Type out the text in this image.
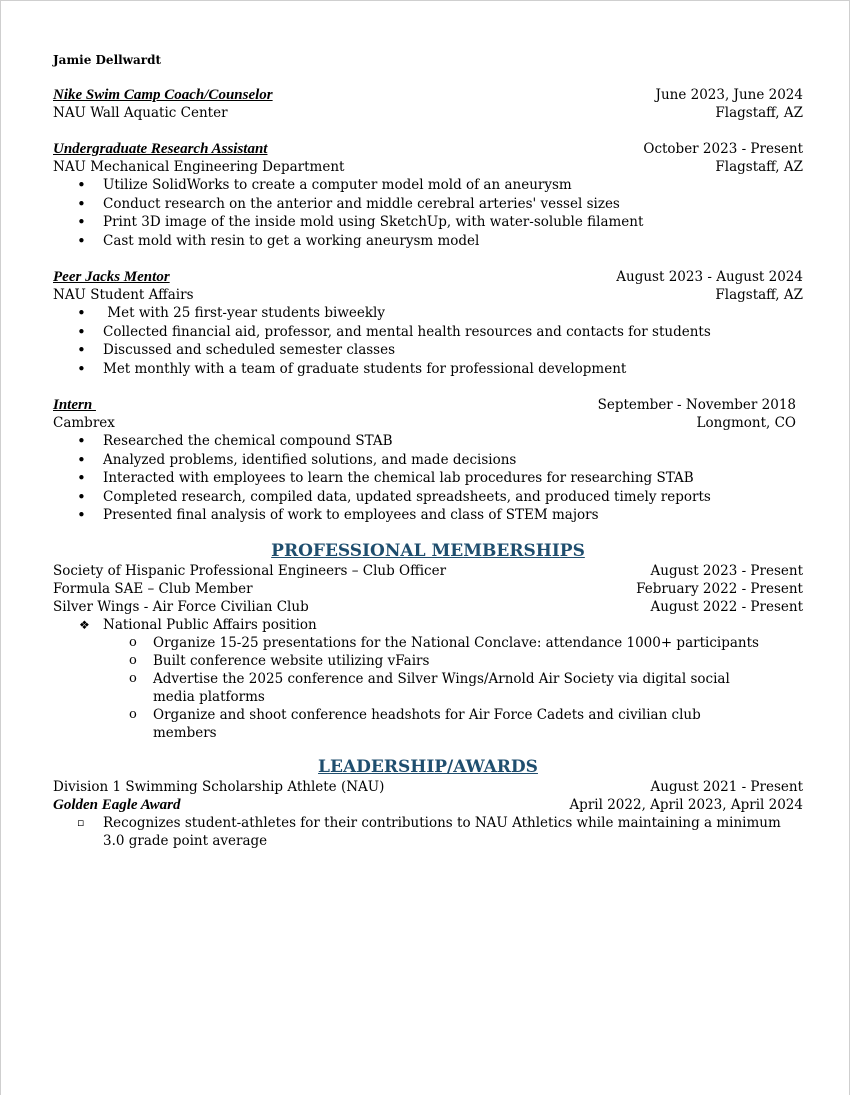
Jamie Dellwardt
Nike Swim Camp Coach/Counselor	June 2023, June 2024
NAU Wall Aquatic Center	Flagstaff, AZ
Undergraduate Research Assistant	October 2023 - Present
NAU Mechanical Engineering Department	Flagstaff, AZ
• Utilize SolidWorks to create a computer model mold of an aneurysm
• Conduct research on the anterior and middle cerebral arteries' vessel sizes
• Print 3D image of the inside mold using SketchUp, with water-soluble filament
• Cast mold with resin to get a working aneurysm model
Peer Jacks Mentor	August 2023 - August 2024
NAU Student Affairs	Flagstaff, AZ
•  Met with 25 first-year students biweekly
• Collected financial aid, professor, and mental health resources and contacts for students
• Discussed and scheduled semester classes
• Met monthly with a team of graduate students for professional development
Intern	September - November 2018
Cambrex	Longmont, CO
• Researched the chemical compound STAB
• Analyzed problems, identified solutions, and made decisions
• Interacted with employees to learn the chemical lab procedures for researching STAB
• Completed research, compiled data, updated spreadsheets, and produced timely reports
• Presented final analysis of work to employees and class of STEM majors
PROFESSIONAL MEMBERSHIPS
Society of Hispanic Professional Engineers – Club Officer	August 2023 - Present
Formula SAE – Club Member	February 2022 - Present
Silver Wings - Air Force Civilian Club	August 2022 - Present
❖ National Public Affairs position
o Organize 15-25 presentations for the National Conclave: attendance 1000+ participants
o Built conference website utilizing vFairs
o Advertise the 2025 conference and Silver Wings/Arnold Air Society via digital social media platforms
o Organize and shoot conference headshots for Air Force Cadets and civilian club members
LEADERSHIP/AWARDS
Division 1 Swimming Scholarship Athlete (NAU)	August 2021 - Present
Golden Eagle Award	April 2022, April 2023, April 2024
▫ Recognizes student-athletes for their contributions to NAU Athletics while maintaining a minimum 3.0 grade point average
